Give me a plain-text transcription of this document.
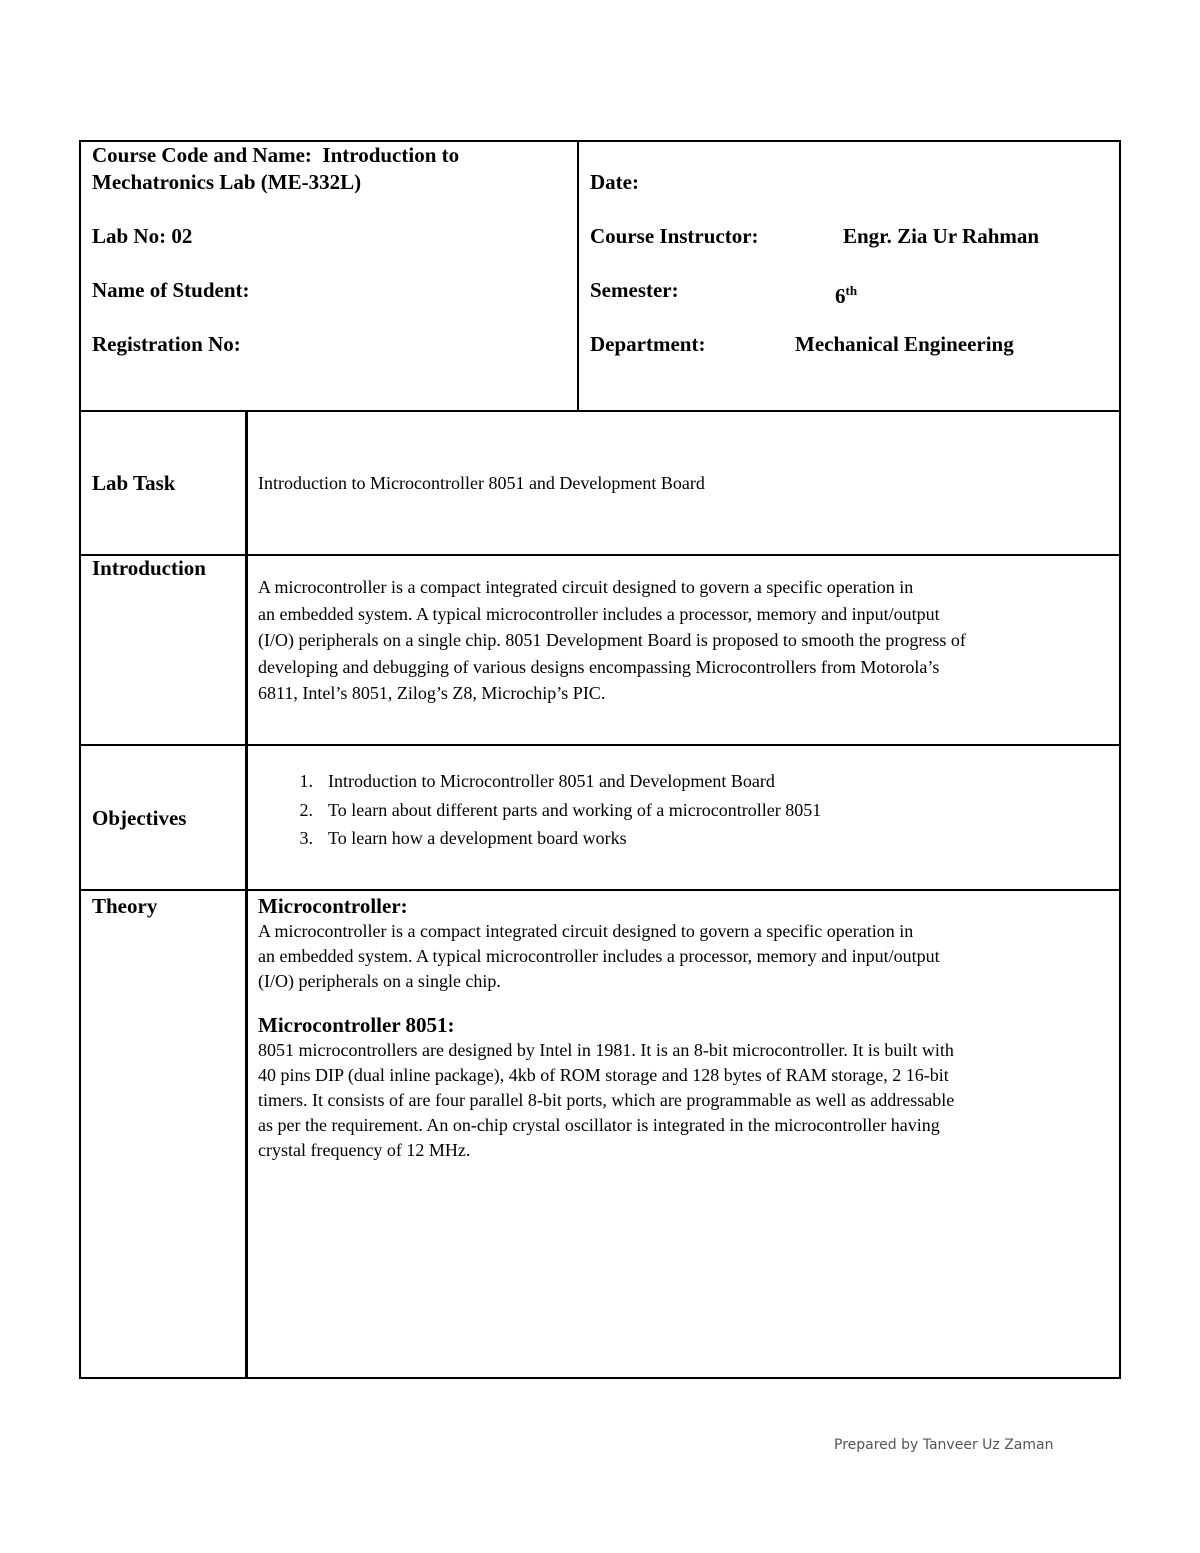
Course Code and Name: Introduction to
Mechatronics Lab (ME-332L)
Lab No: 02
Name of Student:
Registration No:
Date:
Course Instructor:	Engr. Zia Ur Rahman
Semester:	6th
Department:	Mechanical Engineering
Lab Task	Introduction to Microcontroller 8051 and Development Board
Introduction
A microcontroller is a compact integrated circuit designed to govern a specific operation in
an embedded system. A typical microcontroller includes a processor, memory and input/output
(I/O) peripherals on a single chip. 8051 Development Board is proposed to smooth the progress of
developing and debugging of various designs encompassing Microcontrollers from Motorola’s
6811, Intel’s 8051, Zilog’s Z8, Microchip’s PIC.
Objectives
1. Introduction to Microcontroller 8051 and Development Board
2. To learn about different parts and working of a microcontroller 8051
3. To learn how a development board works
Theory	Microcontroller:
A microcontroller is a compact integrated circuit designed to govern a specific operation in
an embedded system. A typical microcontroller includes a processor, memory and input/output
(I/O) peripherals on a single chip.
Microcontroller 8051:
8051 microcontrollers are designed by Intel in 1981. It is an 8-bit microcontroller. It is built with
40 pins DIP (dual inline package), 4kb of ROM storage and 128 bytes of RAM storage, 2 16-bit
timers. It consists of are four parallel 8-bit ports, which are programmable as well as addressable
as per the requirement. An on-chip crystal oscillator is integrated in the microcontroller having
crystal frequency of 12 MHz.
Prepared by Tanveer Uz Zaman
